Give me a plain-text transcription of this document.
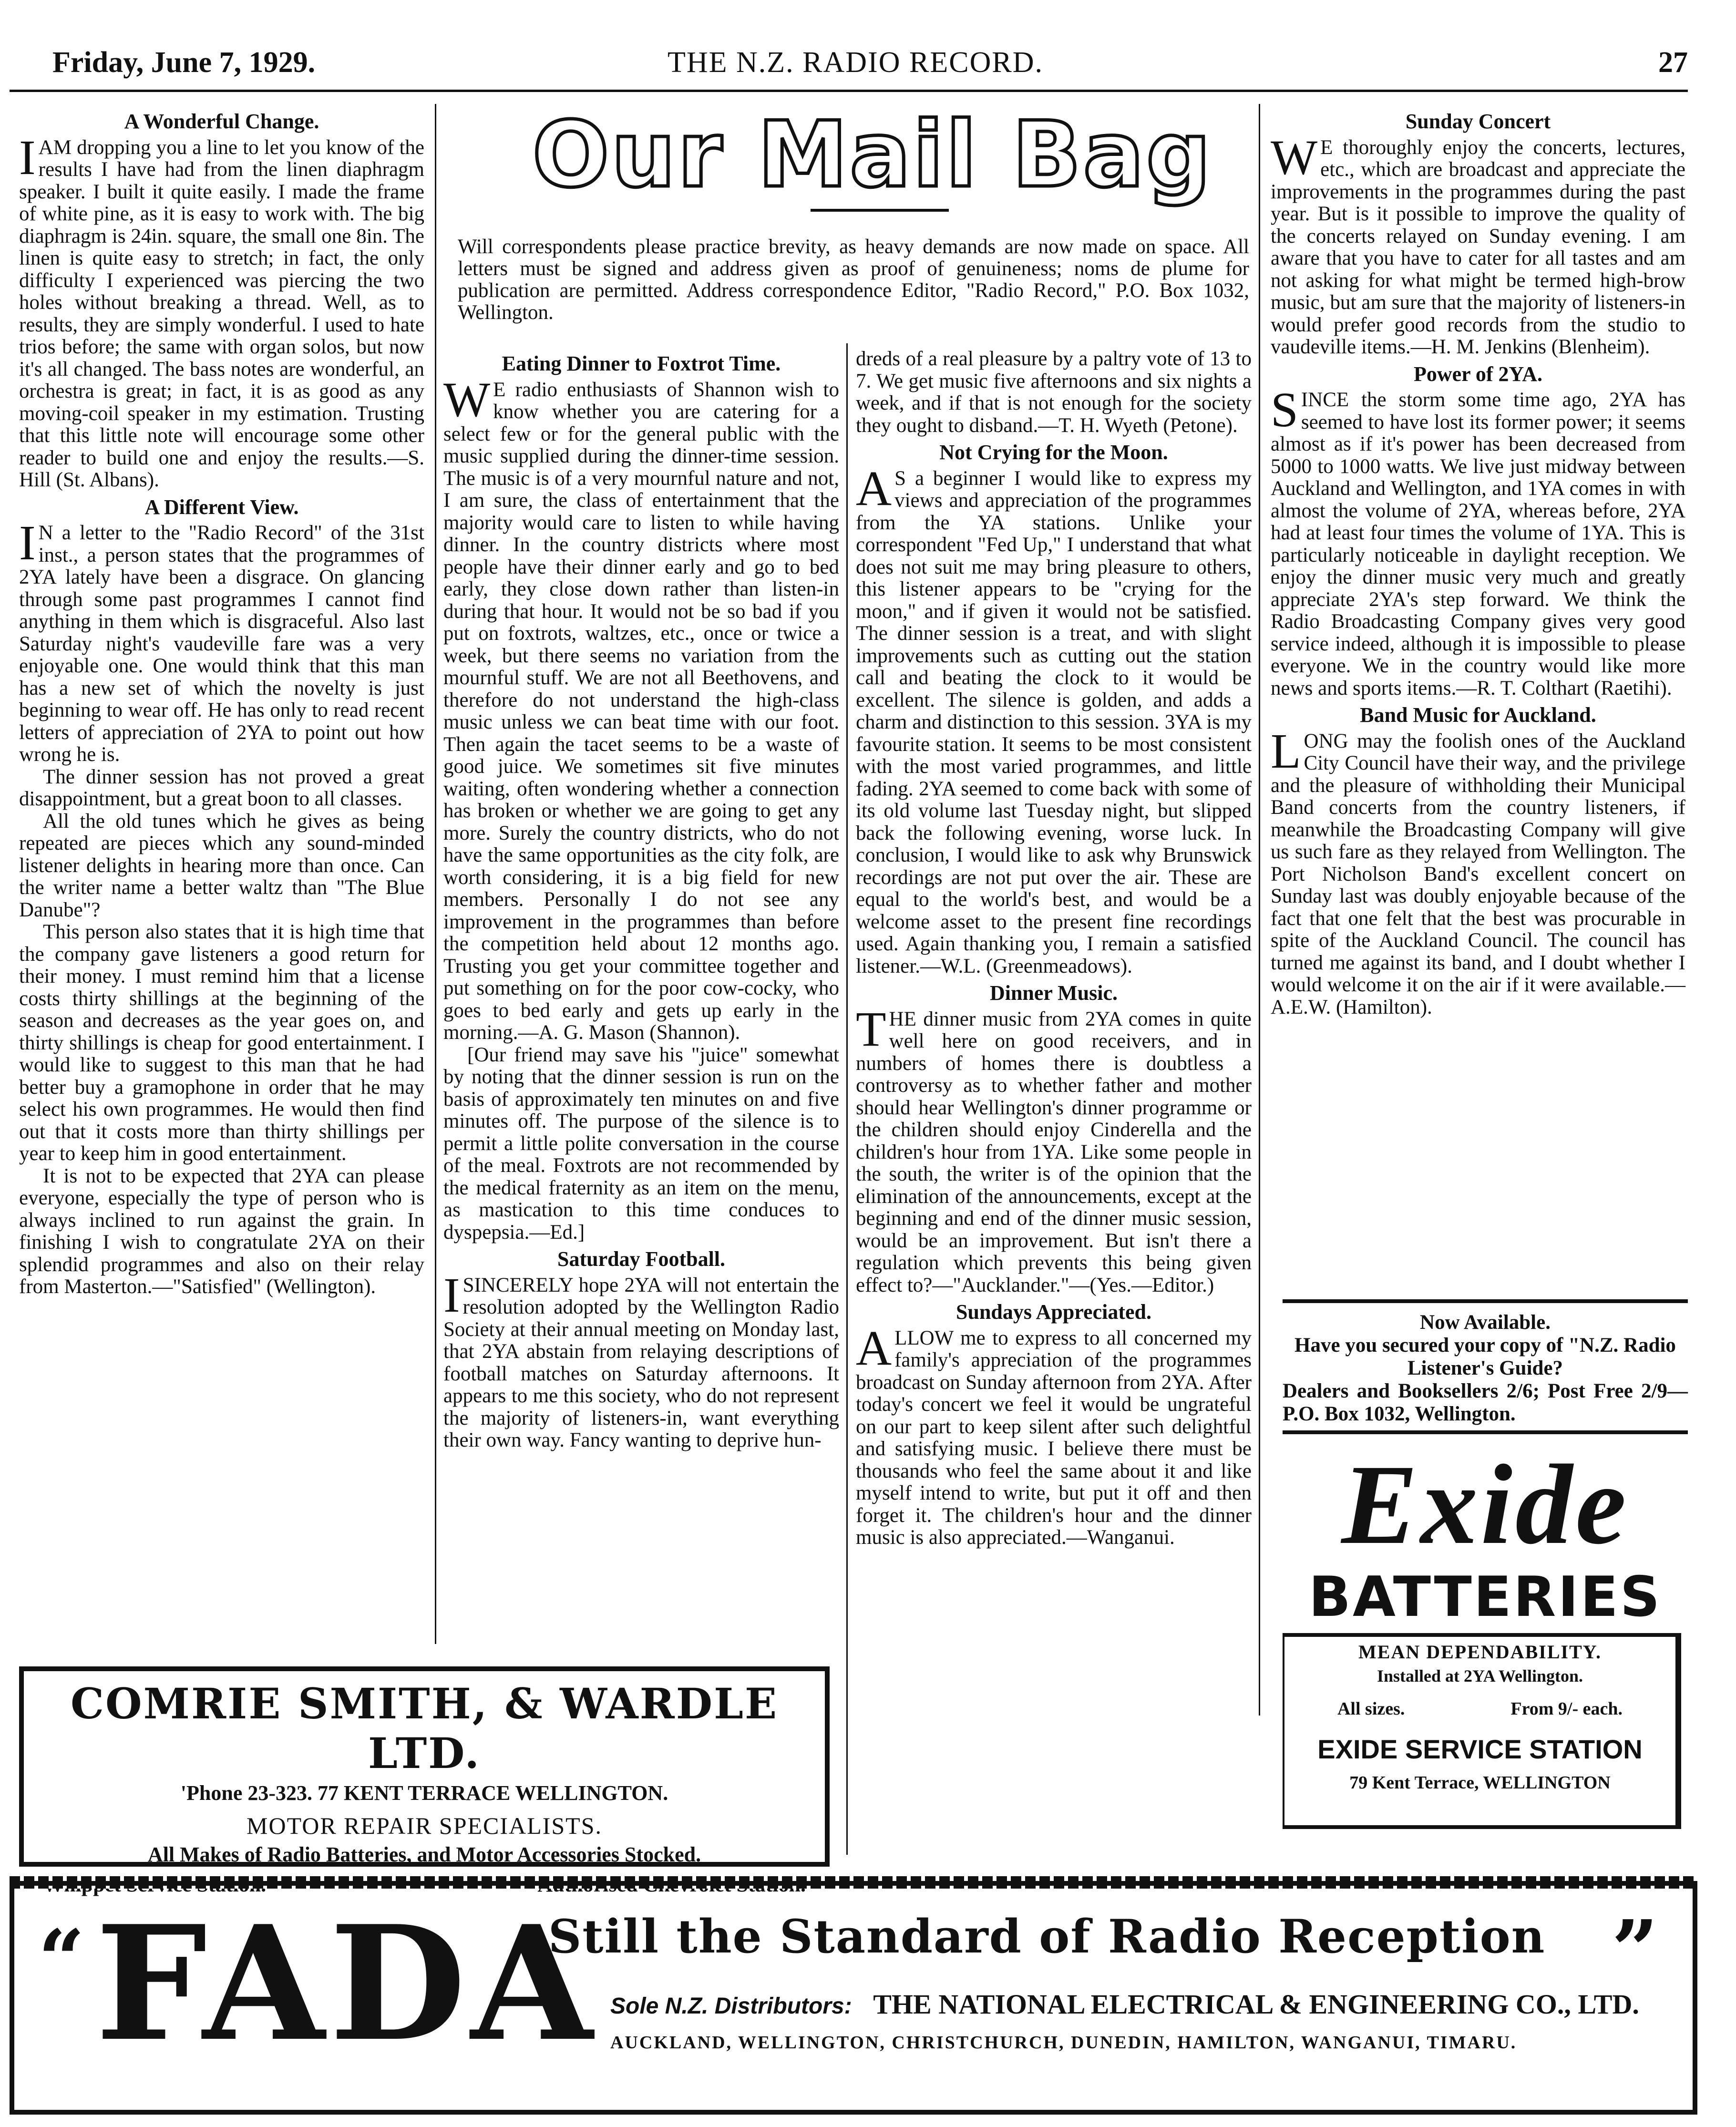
Friday, June 7, 1929.	THE N.Z. RADIO RECORD.	27
Our Mail Bag
Will correspondents please practice brevity, as heavy demands are now made on space. All letters must be signed and address given as proof of genuineness; noms de plume for publication are permitted. Address correspondence Editor, "Radio Record," P.O. Box 1032, Wellington.
A Wonderful Change.

IAM dropping you a line to let you know of the results I have had from the linen diaphragm speaker. I built it quite easily. I made the frame of white pine, as it is easy to work with. The big diaphragm is 24in. square, the small one 8in. The linen is quite easy to stretch; in fact, the only difficulty I experienced was piercing the two holes without breaking a thread. Well, as to results, they are simply wonderful. I used to hate trios before; the same with organ solos, but now it's all changed. The bass notes are wonderful, an orchestra is great; in fact, it is as good as any moving-coil speaker in my estimation. Trusting that this little note will encourage some other reader to build one and enjoy the results.—S. Hill (St. Albans).

A Different View.

I N a letter to the "Radio Record" of the 31st inst., a person states that the programmes of 2YA lately have been a disgrace. On glancing through some past programmes I cannot find anything in them which is disgraceful. Also last Saturday night's vaudeville fare was a very enjoyable one. One would think that this man has a new set of which the novelty is just beginning to wear off. He has only to read recent letters of appreciation of 2YA to point out how wrong he is.

The dinner session has not proved a great disappointment, but a great boon to all classes.

All the old tunes which he gives as being repeated are pieces which any sound-minded listener delights in hearing more than once. Can the writer name a better waltz than "The Blue Danube"?

This person also states that it is high time that the company gave listeners a good return for their money. I must remind him that a license costs thirty shillings at the beginning of the season and decreases as the year goes on, and thirty shillings is cheap for good entertainment. I would like to suggest to this man that he had better buy a gramophone in order that he may select his own programmes. He would then find out that it costs more than thirty shillings per year to keep him in good entertainment.

It is not to be expected that 2YA can please everyone, especially the type of person who is always inclined to run against the grain. In finishing I wish to congratulate 2YA on their splendid programmes and also on their relay from Masterton.—"Satisfied" (Wellington).

Eating Dinner to Foxtrot Time.

W E radio enthusiasts of Shannon wish to know whether you are catering for a select few or for the general public with the music supplied during the dinner-time session. The music is of a very mournful nature and not, I am sure, the class of entertainment that the majority would care to listen to while having dinner. In the country districts where most people have their dinner early and go to bed early, they close down rather than listen-in during that hour. It would not be so bad if you put on foxtrots, waltzes, etc., once or twice a week, but there seems no variation from the mournful stuff. We are not all Beethovens, and therefore do not understand the high-class music unless we can beat time with our foot. Then again the tacet seems to be a waste of good juice. We sometimes sit five minutes waiting, often wondering whether a connection has broken or whether we are going to get any more. Surely the country districts, who do not have the same opportunities as the city folk, are worth considering, it is a big field for new members. Personally I do not see any improvement in the programmes than before the competition held about 12 months ago. Trusting you get your committee together and put something on for the poor cow-cocky, who goes to bed early and gets up early in the morning.—A. G. Mason (Shannon).

[Our friend may save his "juice" somewhat by noting that the dinner session is run on the basis of approximately ten minutes on and five minutes off. The purpose of the silence is to permit a little polite conversation in the course of the meal. Foxtrots are not recommended by the medical fraternity as an item on the menu, as mastication to this time conduces to dyspepsia.—Ed.]

Saturday Football.

ISINCERELY hope 2YA will not entertain the resolution adopted by the Wellington Radio Society at their annual meeting on Monday last, that 2YA abstain from relaying descriptions of football matches on Saturday afternoons. It appears to me this society, who do not represent the majority of listeners-in, want everything their own way. Fancy wanting to deprive hun-

dreds of a real pleasure by a paltry vote of 13 to 7. We get music five afternoons and six nights a week, and if that is not enough for the society they ought to disband.—T. H. Wyeth (Petone).

Not Crying for the Moon.

A S a beginner I would like to express my views and appreciation of the programmes from the YA stations. Unlike your correspondent "Fed Up," I understand that what does not suit me may bring pleasure to others, this listener appears to be "crying for the moon," and if given it would not be satisfied. The dinner session is a treat, and with slight improvements such as cutting out the station call and beating the clock to it would be excellent. The silence is golden, and adds a charm and distinction to this session. 3YA is my favourite station. It seems to be most consistent with the most varied programmes, and little fading. 2YA seemed to come back with some of its old volume last Tuesday night, but slipped back the following evening, worse luck. In conclusion, I would like to ask why Brunswick recordings are not put over the air. These are equal to the world's best, and would be a welcome asset to the present fine recordings used. Again thanking you, I remain a satisfied listener.—W.L. (Greenmeadows).

Dinner Music.

THE dinner music from 2YA comes in quite well here on good receivers, and in numbers of homes there is doubtless a controversy as to whether father and mother should hear Wellington's dinner programme or the children should enjoy Cinderella and the children's hour from 1YA. Like some people in the south, the writer is of the opinion that the elimination of the announcements, except at the beginning and end of the dinner music session, would be an improvement. But isn't there a regulation which prevents this being given effect to?—"Aucklander."—(Yes.—Editor.)

Sundays Appreciated.

ALLOW me to express to all concerned my family's appreciation of the programmes broadcast on Sunday afternoon from 2YA. After today's concert we feel it would be ungrateful on our part to keep silent after such delightful and satisfying music. I believe there must be thousands who feel the same about it and like myself intend to write, but put it off and then forget it. The children's hour and the dinner music is also appreciated.—Wanganui.

Sunday Concert

W E thoroughly enjoy the concerts, lectures, etc., which are broadcast and appreciate the improvements in the programmes during the past year. But is it possible to improve the quality of the concerts relayed on Sunday evening. I am aware that you have to cater for all tastes and am not asking for what might be termed high-brow music, but am sure that the majority of listeners-in would prefer good records from the studio to vaudeville items.—H. M. Jenkins (Blenheim).

Power of 2YA.

SINCE the storm some time ago, 2YA has seemed to have lost its former power; it seems almost as if it's power has been decreased from 5000 to 1000 watts. We live just midway between Auckland and Wellington, and 1YA comes in with almost the volume of 2YA, whereas before, 2YA had at least four times the volume of 1YA. This is particularly noticeable in daylight reception. We enjoy the dinner music very much and greatly appreciate 2YA's step forward. We think the Radio Broadcasting Company gives very good service indeed, although it is impossible to please everyone. We in the country would like more news and sports items.—R. T. Colthart (Raetihi).

Band Music for Auckland.

LONG may the foolish ones of the Auckland City Council have their way, and the privilege and the pleasure of withholding their Municipal Band concerts from the country listeners, if meanwhile the Broadcasting Company will give us such fare as they relayed from Wellington. The Port Nicholson Band's excellent concert on Sunday last was doubly enjoyable because of the fact that one felt that the best was procurable in spite of the Auckland Council. The council has turned me against its band, and I doubt whether I would welcome it on the air if it were available.—A.E.W. (Hamilton).

Now Available.
Have you secured your copy of "N.Z. Radio Listener's Guide?
Dealers and Booksellers 2/6; Post Free 2/9—P.O. Box 1032, Wellington.
Exide
BATTERIES
MEAN DEPENDABILITY.
Installed at 2YA Wellington.
All sizes.	From 9/- each.
EXIDE SERVICE STATION
79 Kent Terrace, WELLINGTON
COMRIE SMITH, & WARDLE LTD.
'Phone 23-323. 77 KENT TERRACE WELLINGTON.
MOTOR REPAIR SPECIALISTS.
All Makes of Radio Batteries, and Motor Accessories Stocked.
“ FADA
Still the Standard of Radio Reception ”
Sole N.Z. Distributors: THE NATIONAL ELECTRICAL & ENGINEERING CO., LTD.
AUCKLAND, WELLINGTON, CHRISTCHURCH, DUNEDIN, HAMILTON, WANGANUI, TIMARU.
